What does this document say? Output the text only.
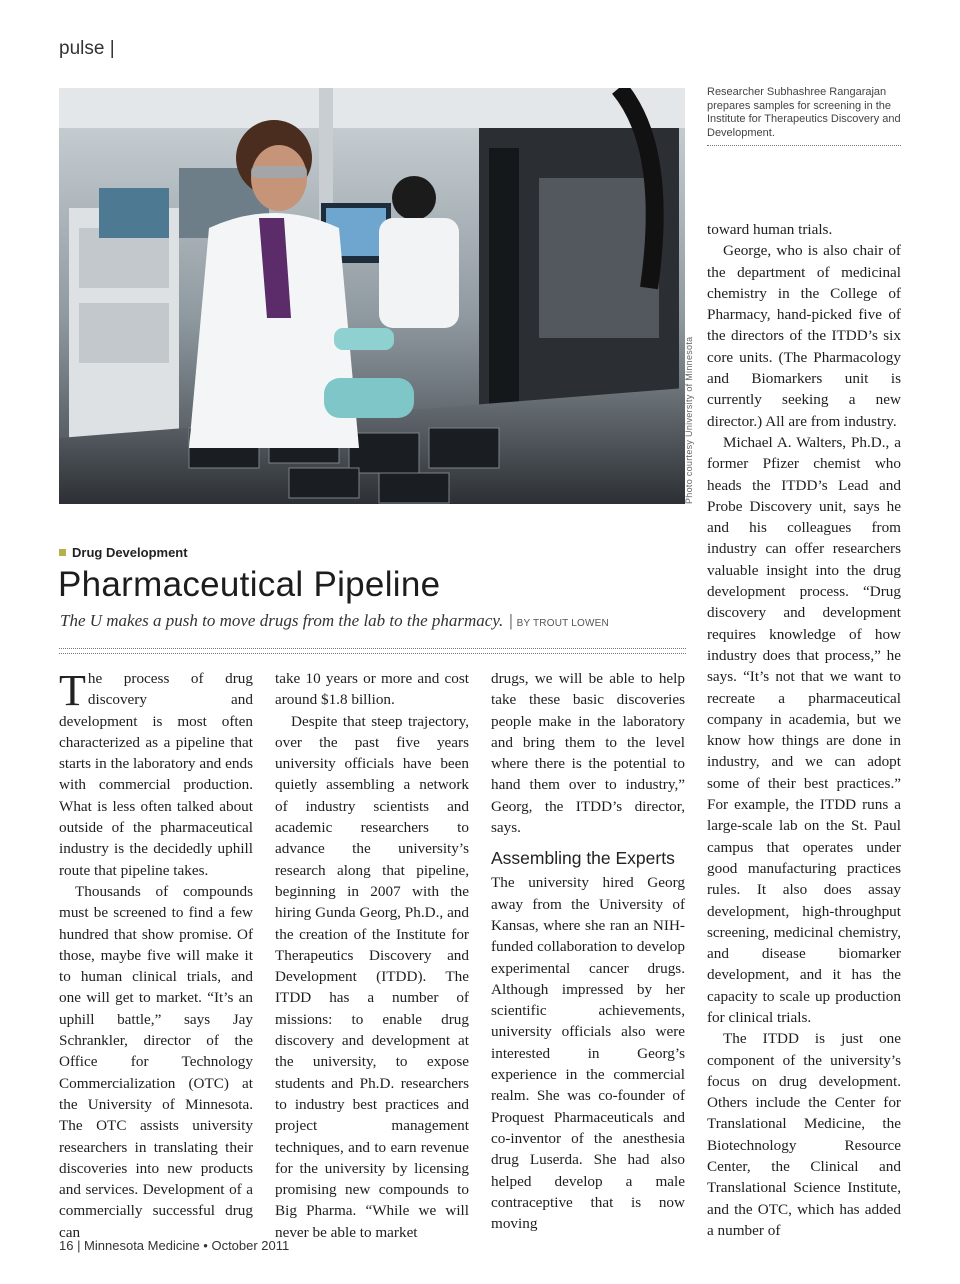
pulse |
Photo courtesy University of Minnesota
Researcher Subhashree Rangarajan prepares samples for screening in the Institute for Therapeutics Discovery and Development.
Drug Development
Pharmaceutical Pipeline
The U makes a push to move drugs from the lab to the pharmacy. | BY TROUT LOWEN

The process of drug discovery and development is most often characterized as a pipeline that starts in the laboratory and ends with commercial production. What is less often talked about outside of the pharmaceutical industry is the decidedly uphill route that pipeline takes.

Thousands of compounds must be screened to find a few hundred that show promise. Of those, maybe five will make it to human clinical trials, and one will get to market. “It’s an uphill battle,” says Jay Schrankler, director of the Office for Technology Commercialization (OTC) at the University of Minnesota. The OTC assists university researchers in translating their discoveries into new products and services. Development of a commercially successful drug can

take 10 years or more and cost around $1.8 billion.

Despite that steep trajectory, over the past five years university officials have been quietly assembling a network of industry scientists and academic researchers to advance the university’s research along that pipeline, beginning in 2007 with the hiring Gunda Georg, Ph.D., and the creation of the Institute for Therapeutics Discovery and Development (ITDD). The ITDD has a number of missions: to enable drug discovery and development at the university, to expose students and Ph.D. researchers to industry best practices and project management techniques, and to earn revenue for the university by licensing promising new compounds to Big Pharma. “While we will never be able to market

drugs, we will be able to help take these basic discoveries people make in the laboratory and bring them to the level where there is the potential to hand them over to industry,” Georg, the ITDD’s director, says.

Assembling the Experts

The university hired Georg away from the University of Kansas, where she ran an NIH-funded collaboration to develop experimental cancer drugs. Although impressed by her scientific achievements, university officials also were interested in Georg’s experience in the commercial realm. She was co-founder of Proquest Pharmaceuticals and co-inventor of the anesthesia drug Luserda. She had also helped develop a male contraceptive that is now moving

toward human trials.

George, who is also chair of the department of medicinal chemistry in the College of Pharmacy, hand-picked five of the directors of the ITDD’s six core units. (The Pharmacology and Biomarkers unit is currently seeking a new director.) All are from industry.

Michael A. Walters, Ph.D., a former Pfizer chemist who heads the ITDD’s Lead and Probe Discovery unit, says he and his colleagues from industry can offer researchers valuable insight into the drug development process. “Drug discovery and development requires knowledge of how industry does that process,” he says. “It’s not that we want to recreate a pharmaceutical company in academia, but we know how things are done in industry, and we can adopt some of their best practices.” For example, the ITDD runs a large-scale lab on the St. Paul campus that operates under good manufacturing practices rules. It also does assay development, high-throughput screening, medicinal chemistry, and disease biomarker development, and it has the capacity to scale up production for clinical trials.

The ITDD is just one component of the university’s focus on drug development. Others include the Center for Translational Medicine, the Biotechnology Resource Center, the Clinical and Translational Science Institute, and the OTC, which has added a number of

16 | Minnesota Medicine • October 2011
